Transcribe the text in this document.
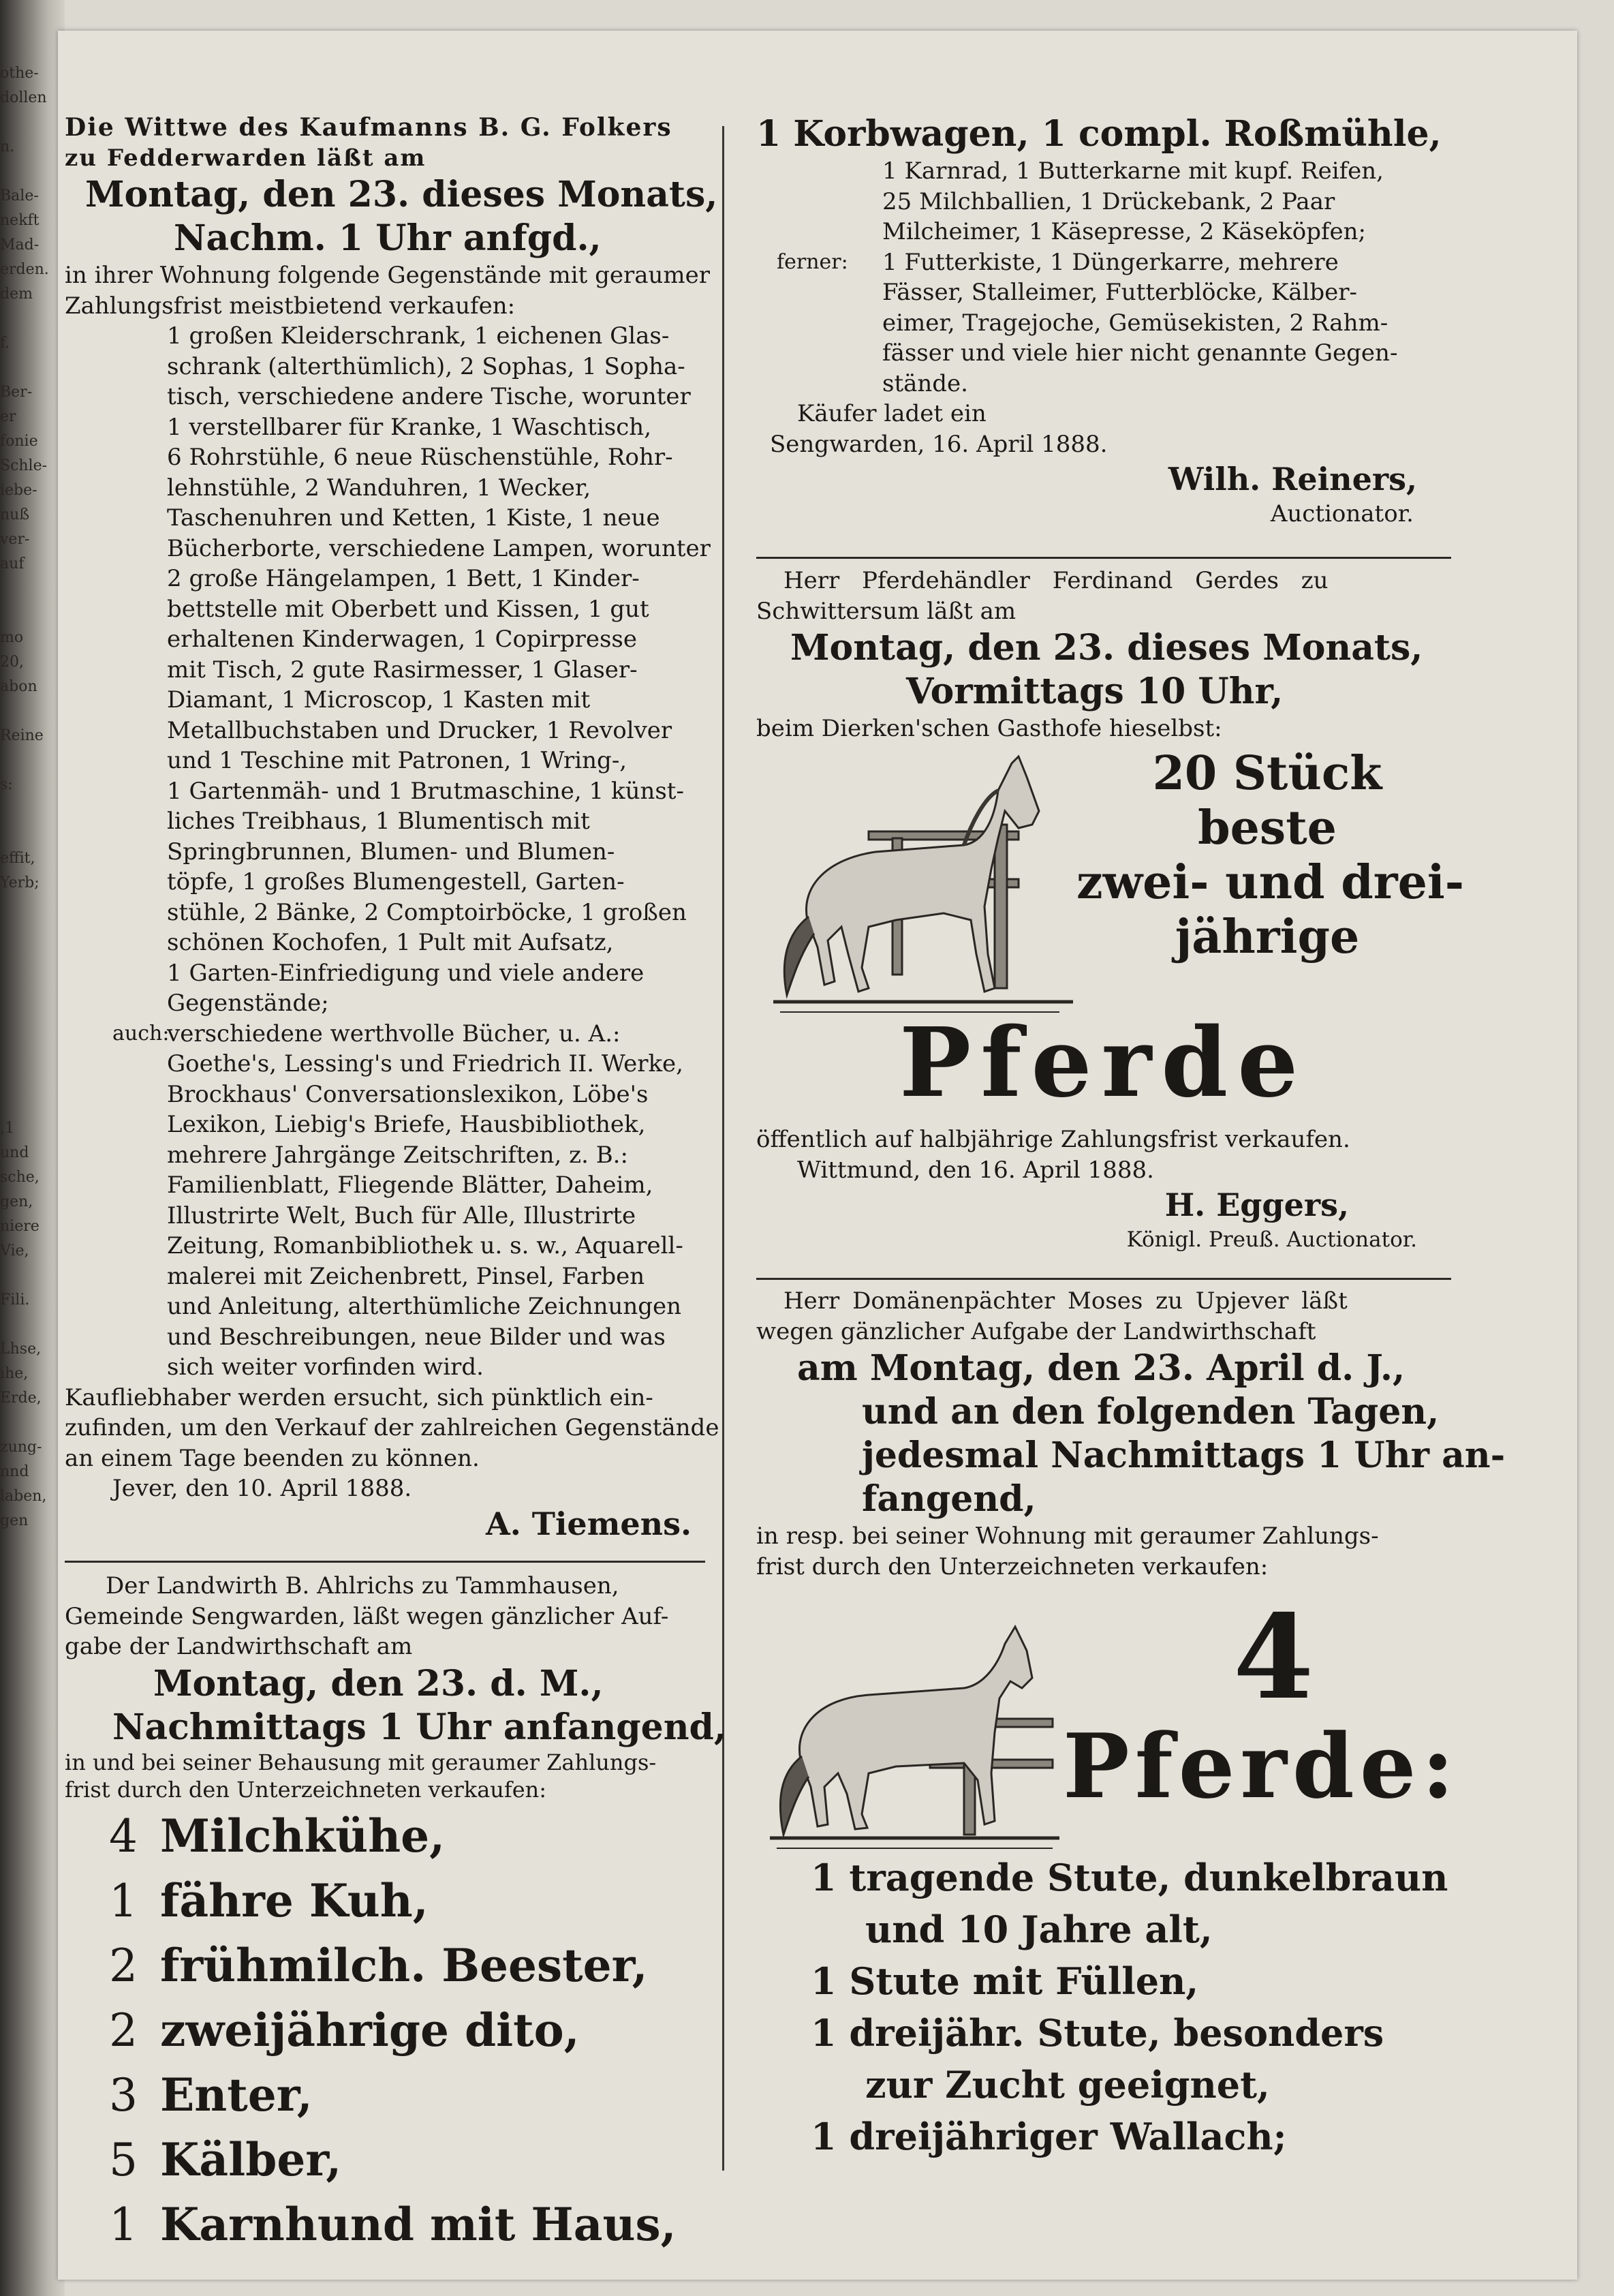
othe-
dollen

n.

Bale-
nekft
Mad-
erden.
dem

f.

Ber-
er
fonie
Schle-
iebe-
nuß
ver-
auf

mo
20,
abon

Reine

s:

effit,
Yerb;

,1
und
sche,
gen,
niere
Vie,

Fili.

Lhse,
ihe,
Erde,

zung-
nnd
laben,
gen

Die Wittwe des Kaufmanns B. G. Folkers
zu Fedderwarden läßt am
Montag, den 23. dieses Monats,
Nachm. 1 Uhr anfgd.,
in ihrer Wohnung folgende Gegenstände mit geraumer
Zahlungsfrist meistbietend verkaufen:
1 großen Kleiderschrank, 1 eichenen Glas-
schrank (alterthümlich), 2 Sophas, 1 Sopha-
tisch, verschiedene andere Tische, worunter
1 verstellbarer für Kranke, 1 Waschtisch,
6 Rohrstühle, 6 neue Rüschenstühle, Rohr-
lehnstühle, 2 Wanduhren, 1 Wecker,
Taschenuhren und Ketten, 1 Kiste, 1 neue
Bücherborte, verschiedene Lampen, worunter
2 große Hängelampen, 1 Bett, 1 Kinder-
bettstelle mit Oberbett und Kissen, 1 gut
erhaltenen Kinderwagen, 1 Copirpresse
mit Tisch, 2 gute Rasirmesser, 1 Glaser-
Diamant, 1 Microscop, 1 Kasten mit
Metallbuchstaben und Drucker, 1 Revolver
und 1 Teschine mit Patronen, 1 Wring-,
1 Gartenmäh- und 1 Brutmaschine, 1 künst-
liches Treibhaus, 1 Blumentisch mit
Springbrunnen, Blumen- und Blumen-
töpfe, 1 großes Blumengestell, Garten-
stühle, 2 Bänke, 2 Comptoirböcke, 1 großen
schönen Kochofen, 1 Pult mit Aufsatz,
1 Garten-Einfriedigung und viele andere
Gegenstände;
auch:
verschiedene werthvolle Bücher, u. A.:
Goethe's, Lessing's und Friedrich II. Werke,
Brockhaus' Conversationslexikon, Löbe's
Lexikon, Liebig's Briefe, Hausbibliothek,
mehrere Jahrgänge Zeitschriften, z. B.:
Familienblatt, Fliegende Blätter, Daheim,
Illustrirte Welt, Buch für Alle, Illustrirte
Zeitung, Romanbibliothek u. s. w., Aquarell-
malerei mit Zeichenbrett, Pinsel, Farben
und Anleitung, alterthümliche Zeichnungen
und Beschreibungen, neue Bilder und was
sich weiter vorfinden wird.
Kaufliebhaber werden ersucht, sich pünktlich ein-
zufinden, um den Verkauf der zahlreichen Gegenstände
an einem Tage beenden zu können.
Jever, den 10. April 1888.
A. Tiemens.
Der Landwirth B. Ahlrichs zu Tammhausen,
Gemeinde Sengwarden, läßt wegen gänzlicher Auf-
gabe der Landwirthschaft am
Montag, den 23. d. M.,
Nachmittags 1 Uhr anfangend,
in und bei seiner Behausung mit geraumer Zahlungs-
frist durch den Unterzeichneten verkaufen:
4 Milchkühe,
1 fähre Kuh,
2 frühmilch. Beester,
2 zweijährige dito,
3 Enter,
5 Kälber,
1 Karnhund mit Haus,
1 Korbwagen, 1 compl. Roßmühle,
1 Karnrad, 1 Butterkarne mit kupf. Reifen,
25 Milchballien, 1 Drückebank, 2 Paar
Milcheimer, 1 Käsepresse, 2 Käseköpfen;
ferner: 1 Futterkiste, 1 Düngerkarre, mehrere
Fässer, Stalleimer, Futterblöcke, Kälber-
eimer, Tragejoche, Gemüsekisten, 2 Rahm-
fässer und viele hier nicht genannte Gegen-
stände.
Käufer ladet ein
Sengwarden, 16. April 1888.
Wilh. Reiners,
Auctionator.
Herr Pferdehändler Ferdinand Gerdes zu
Schwittersum läßt am
Montag, den 23. dieses Monats,
Vormittags 10 Uhr,
beim Dierken'schen Gasthofe hieselbst:
20 Stück
beste
zwei- und drei-
jährige
Pferde
öffentlich auf halbjährige Zahlungsfrist verkaufen.
Wittmund, den 16. April 1888.
H. Eggers,
Königl. Preuß. Auctionator.
Herr Domänenpächter Moses zu Upjever läßt
wegen gänzlicher Aufgabe der Landwirthschaft
am Montag, den 23. April d. J.,
und an den folgenden Tagen,
jedesmal Nachmittags 1 Uhr an-
fangend,
in resp. bei seiner Wohnung mit geraumer Zahlungs-
frist durch den Unterzeichneten verkaufen:
4
Pferde:
1 tragende Stute, dunkelbraun
und 10 Jahre alt,
1 Stute mit Füllen,
1 dreijähr. Stute, besonders
zur Zucht geeignet,
1 dreijähriger Wallach;
